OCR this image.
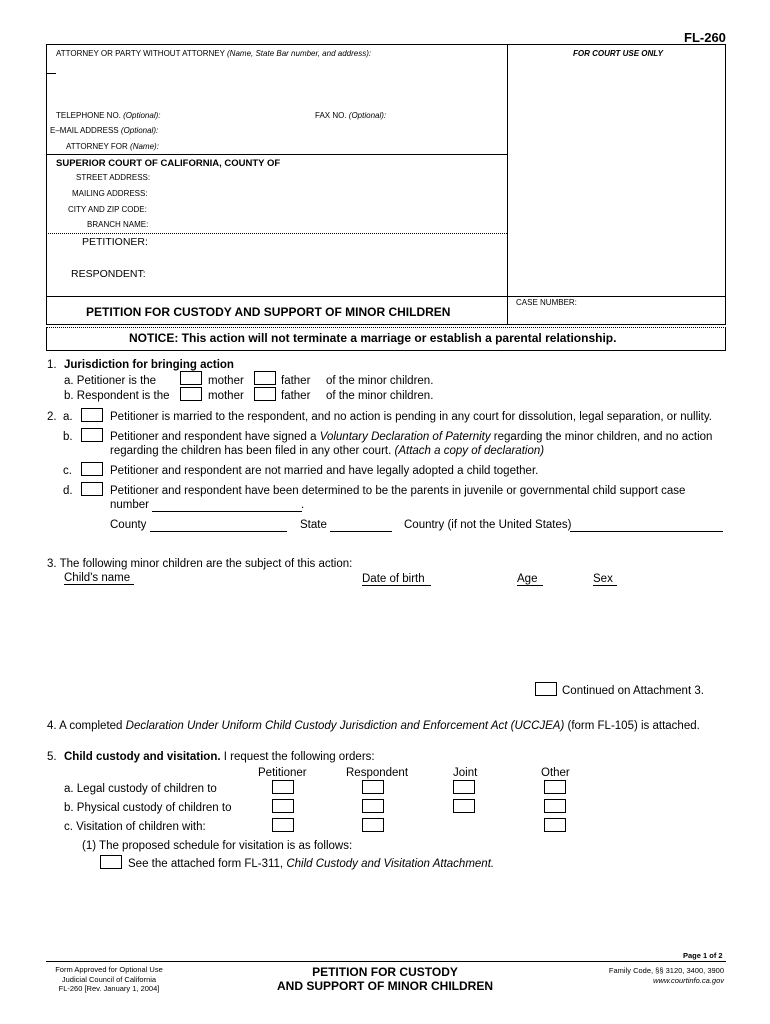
FL-260
ATTORNEY OR PARTY WITHOUT ATTORNEY (Name, State Bar number, and address):	FOR COURT USE ONLY
TELEPHONE NO. (Optional):	FAX NO. (Optional):
E–MAIL ADDRESS (Optional):
ATTORNEY FOR (Name):
SUPERIOR COURT OF CALIFORNIA, COUNTY OF
STREET ADDRESS:
MAILING ADDRESS:
CITY AND ZIP CODE:
BRANCH NAME:
PETITIONER:
RESPONDENT:
PETITION FOR CUSTODY AND SUPPORT OF MINOR CHILDREN
CASE NUMBER:
NOTICE: This action will not terminate a marriage or establish a parental relationship.
1. Jurisdiction for bringing action
a. Petitioner is the	mother	father of the minor children.
b. Respondent is the	mother	father of the minor children.
2. a.	Petitioner is married to the respondent, and no action is pending in any court for dissolution, legal separation, or nullity.
b.	Petitioner and respondent have signed a Voluntary Declaration of Paternity regarding the minor children, and no action
regarding the children has been filed in any other court. (Attach a copy of declaration)
c.	Petitioner and respondent are not married and have legally adopted a child together.
d.	Petitioner and respondent have been determined to be the parents in juvenile or governmental child support case
number	.
County	State	Country (if not the United States)
3. The following minor children are the subject of this action:
Child's name	Date of birth	Age	Sex
Continued on Attachment 3.
4. A completed Declaration Under Uniform Child Custody Jurisdiction and Enforcement Act (UCCJEA) (form FL-105) is attached.
5. Child custody and visitation. I request the following orders:
Petitioner	Respondent	Joint	Other
a. Legal custody of children to
b. Physical custody of children to
c. Visitation of children with:
(1) The proposed schedule for visitation is as follows:
See the attached form FL-311, Child Custody and Visitation Attachment.
Page 1 of 2
Form Approved for Optional Use
Judicial Council of California
FL-260 [Rev. January 1, 2004]
PETITION FOR CUSTODY
AND SUPPORT OF MINOR CHILDREN
Family Code, §§ 3120, 3400, 3900
www.courtinfo.ca.gov
